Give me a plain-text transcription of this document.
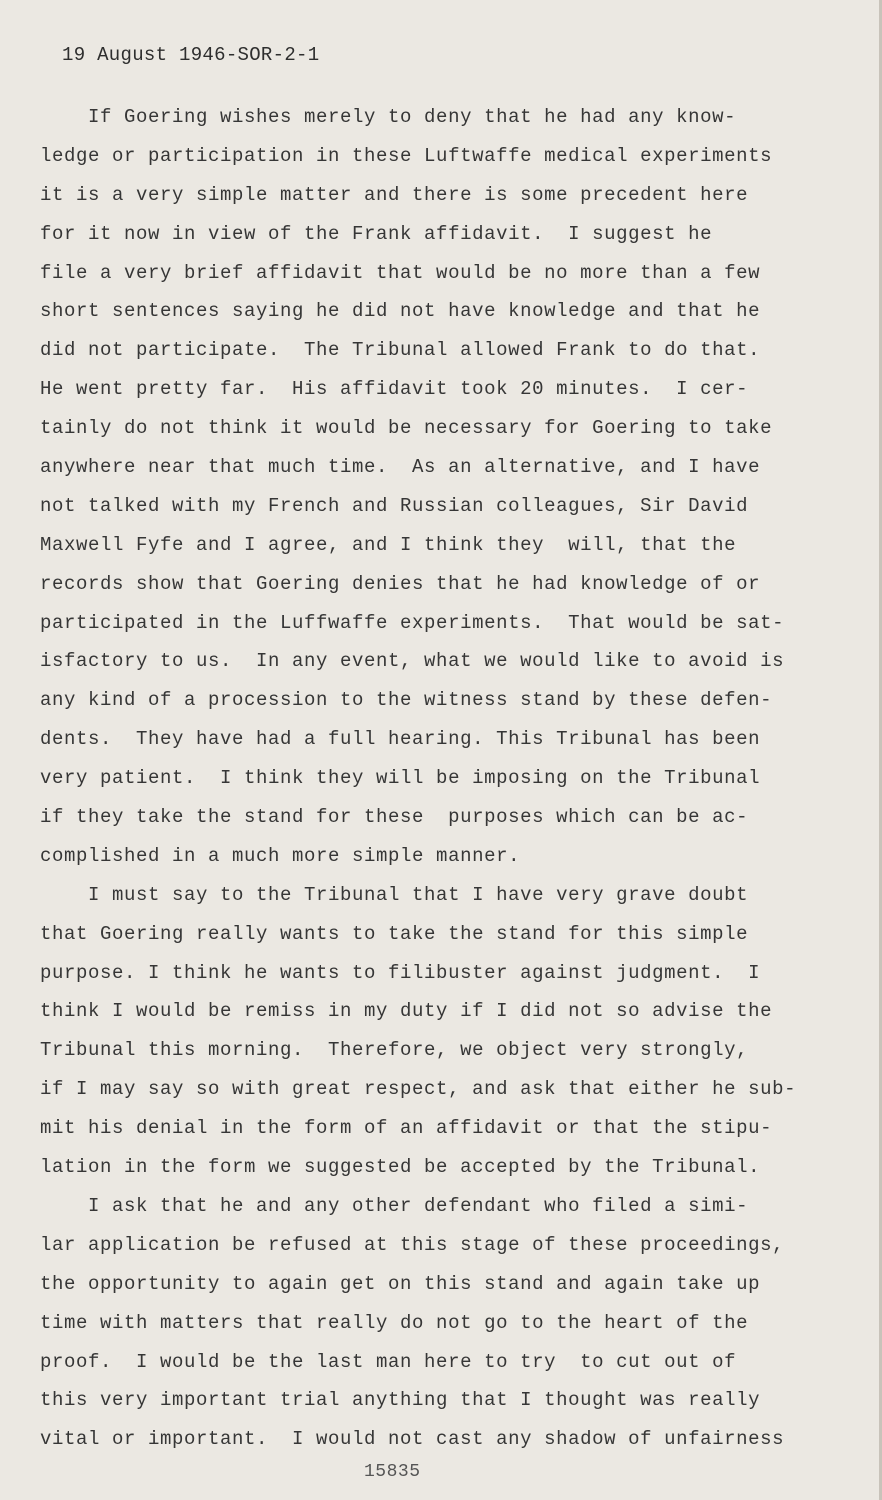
19 August 1946-SOR-2-1
If Goering wishes merely to deny that he had any know-
ledge or participation in these Luftwaffe medical experiments
it is a very simple matter and there is some precedent here
for it now in view of the Frank affidavit.  I suggest he
file a very brief affidavit that would be no more than a few
short sentences saying he did not have knowledge and that he
did not participate.  The Tribunal allowed Frank to do that.
He went pretty far.  His affidavit took 20 minutes.  I cer-
tainly do not think it would be necessary for Goering to take
anywhere near that much time.  As an alternative, and I have
not talked with my French and Russian colleagues, Sir David
Maxwell Fyfe and I agree, and I think they  will, that the
records show that Goering denies that he had knowledge of or
participated in the Luffwaffe experiments.  That would be sat-
isfactory to us.  In any event, what we would like to avoid is
any kind of a procession to the witness stand by these defen-
dents.  They have had a full hearing. This Tribunal has been
very patient.  I think they will be imposing on the Tribunal
if they take the stand for these  purposes which can be ac-
complished in a much more simple manner.
I must say to the Tribunal that I have very grave doubt
that Goering really wants to take the stand for this simple
purpose. I think he wants to filibuster against judgment.  I
think I would be remiss in my duty if I did not so advise the
Tribunal this morning.  Therefore, we object very strongly,
if I may say so with great respect, and ask that either he sub-
mit his denial in the form of an affidavit or that the stipu-
lation in the form we suggested be accepted by the Tribunal.
I ask that he and any other defendant who filed a simi-
lar application be refused at this stage of these proceedings,
the opportunity to again get on this stand and again take up
time with matters that really do not go to the heart of the
proof.  I would be the last man here to try  to cut out of
this very important trial anything that I thought was really
vital or important.  I would not cast any shadow of unfairness
15835
